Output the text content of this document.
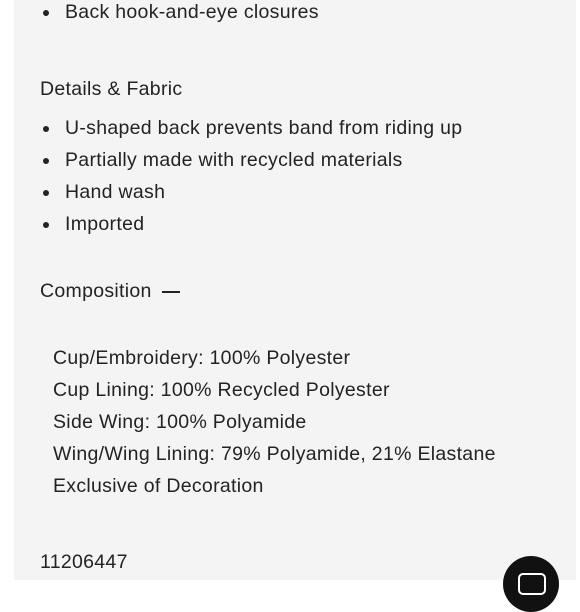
Back hook-and-eye closures
Details & Fabric
U-shaped back prevents band from riding up
Partially made with recycled materials
Hand wash
Imported
Composition
Cup/Embroidery: 100% Polyester
Cup Lining: 100% Recycled Polyester
Side Wing: 100% Polyamide
Wing/Wing Lining: 79% Polyamide, 21% Elastane
Exclusive of Decoration
11206447
